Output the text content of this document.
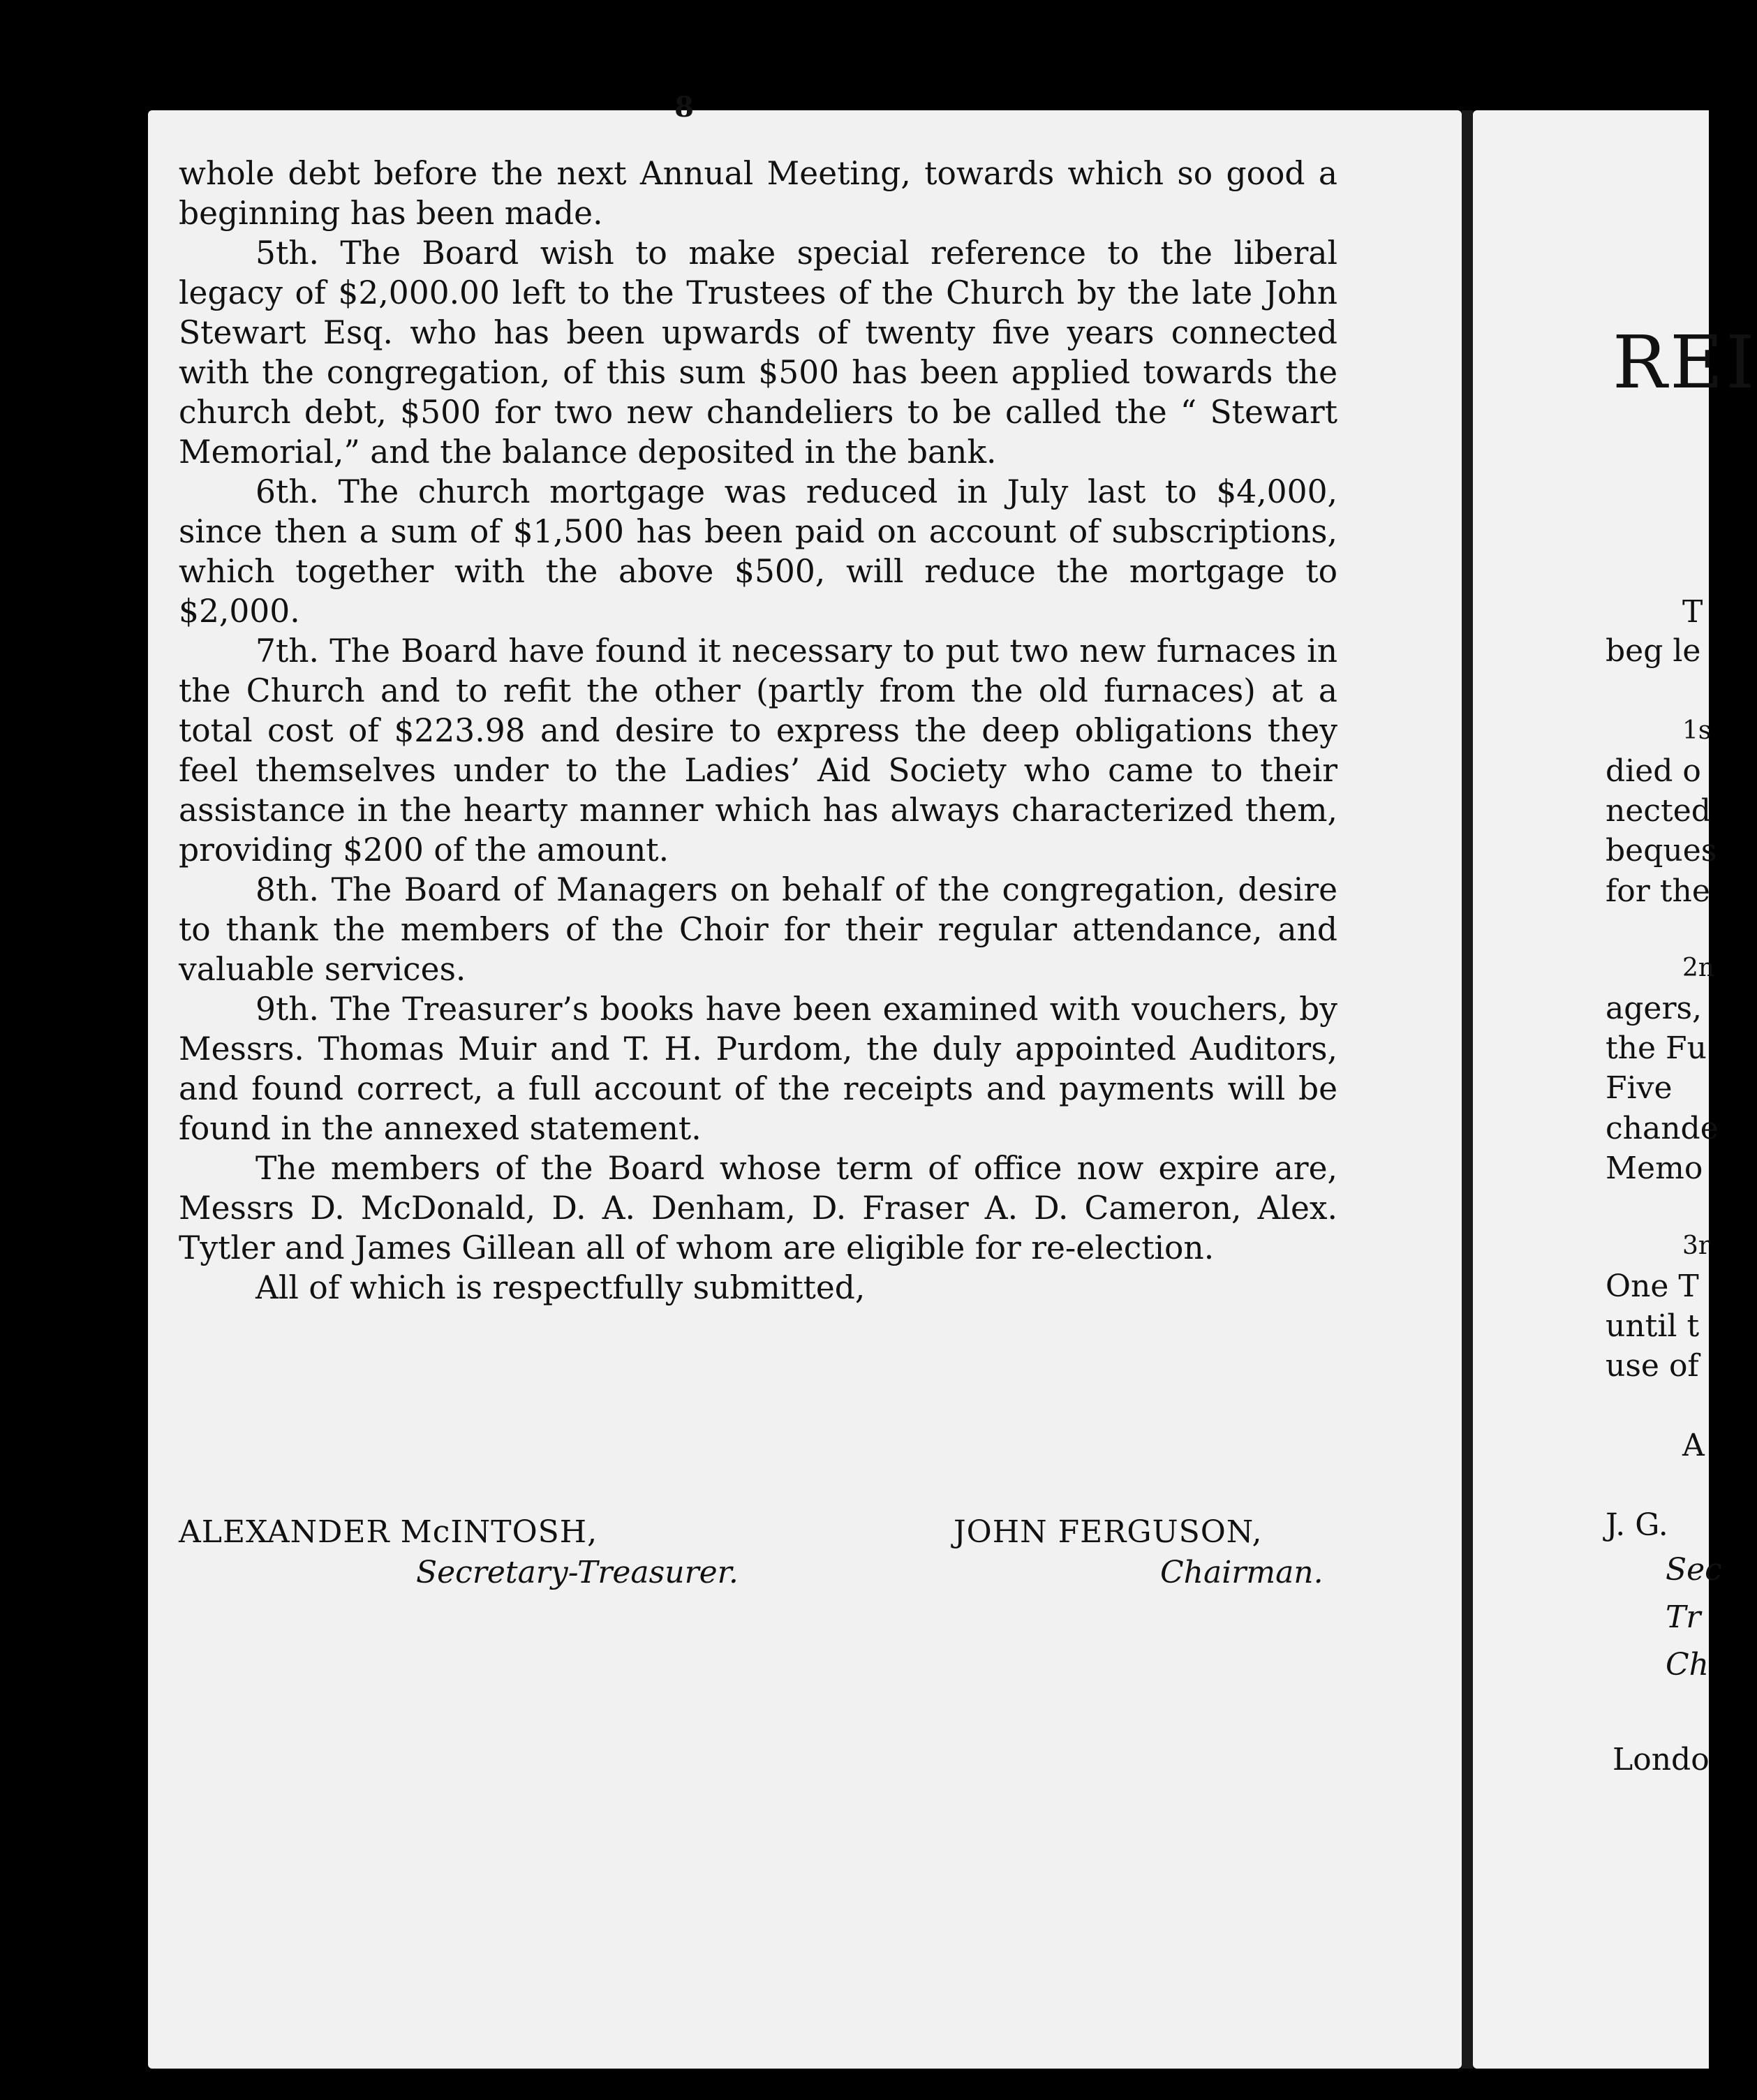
8

whole debt before the next Annual Meeting, towards which so good a beginning has been made.

5th. The Board wish to make special reference to the liberal legacy of $2,000.00 left to the Trustees of the Church by the late John Stewart Esq. who has been upwards of twenty five years connected with the congregation, of this sum $500 has been applied towards the church debt, $500 for two new chandeliers to be called the “ Stewart Memorial,” and the balance deposited in the bank.

6th. The church mortgage was reduced in July last to $4,000, since then a sum of $1,500 has been paid on account of subscriptions, which together with the above $500, will reduce the mortgage to $2,000.

7th. The Board have found it necessary to put two new furnaces in the Church and to refit the other (partly from the old furnaces) at a total cost of $223.98 and desire to express the deep obligations they feel themselves under to the Ladies’ Aid Society who came to their assistance in the hearty manner which has always characterized them, providing $200 of the amount.

8th. The Board of Managers on behalf of the congregation, desire to thank the members of the Choir for their regular attendance, and valuable services.

9th. The Treasurer’s books have been examined with vouchers, by Messrs. Thomas Muir and T. H. Purdom, the duly appointed Auditors, and found correct, a full account of the receipts and payments will be found in the annexed statement.

The members of the Board whose term of office now expire are, Messrs D. McDonald, D. A. Denham, D. Fraser A. D. Cameron, Alex. Tytler and James Gillean all of whom are eligible for re-election.

All of which is respectfully submitted,

ALEXANDER McINTOSH,	JOHN FERGUSON,
Secretary-Treasurer.	Chairman.
REI
T
beg le
1s
died o
nected
beques
for the
2n
agers,
the Fu
Five
chande
Memo
3r
One T
until t
use of
A
J. G.
Sec
Tr
Ch
Londo
